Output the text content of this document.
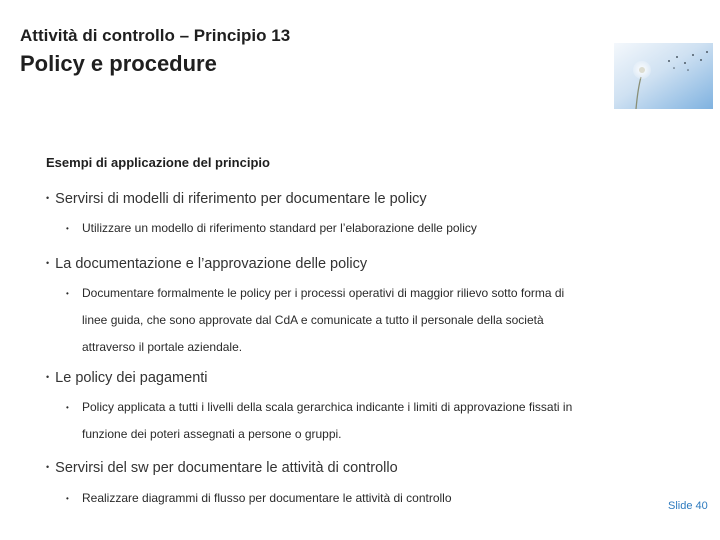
Attività di controllo – Principio 13
Policy e procedure
Esempi di applicazione del principio
• Servirsi di modelli di riferimento per documentare le policy
•	Utilizzare un modello di riferimento standard per l’elaborazione delle policy
• La documentazione e l’approvazione delle policy
•	Documentare formalmente le policy per i processi operativi di maggior rilievo sotto forma di linee guida, che sono approvate dal CdA e comunicate a tutto il personale della società attraverso il portale aziendale.
• Le policy dei pagamenti
•	Policy applicata a tutti i livelli della scala gerarchica indicante i limiti di approvazione fissati in funzione dei poteri assegnati a persone o gruppi.
• Servirsi del sw per documentare le attività di controllo
•	Realizzare diagrammi di flusso per documentare le attività di controllo
Slide 40
